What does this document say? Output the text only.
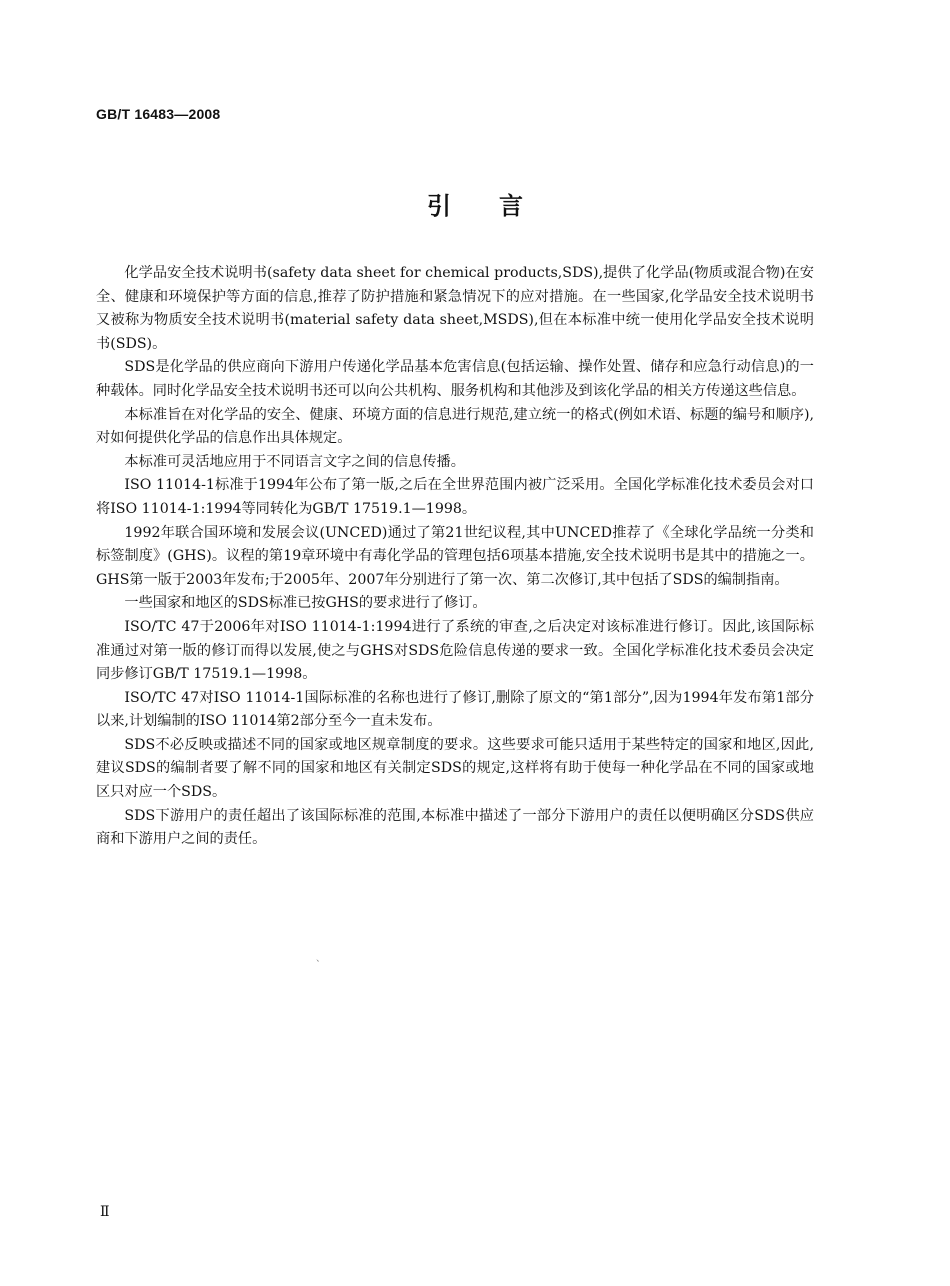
GB/T 16483—2008
引言

化学品安全技术说明书(safety data sheet for chemical products,SDS),提供了化学品(物质或混合物)在安全、健康和环境保护等方面的信息,推荐了防护措施和紧急情况下的应对措施。在一些国家,化学品安全技术说明书又被称为物质安全技术说明书(material safety data sheet,MSDS),但在本标准中统一使用化学品安全技术说明书(SDS)。

SDS是化学品的供应商向下游用户传递化学品基本危害信息(包括运输、操作处置、储存和应急行动信息)的一种载体。同时化学品安全技术说明书还可以向公共机构、服务机构和其他涉及到该化学品的相关方传递这些信息。

本标准旨在对化学品的安全、健康、环境方面的信息进行规范,建立统一的格式(例如术语、标题的编号和顺序),对如何提供化学品的信息作出具体规定。

本标准可灵活地应用于不同语言文字之间的信息传播。

ISO 11014-1标准于1994年公布了第一版,之后在全世界范围内被广泛采用。全国化学标准化技术委员会对口将ISO 11014-1:1994等同转化为GB/T 17519.1—1998。

1992年联合国环境和发展会议(UNCED)通过了第21世纪议程,其中UNCED推荐了《全球化学品统一分类和标签制度》(GHS)。议程的第19章环境中有毒化学品的管理包括6项基本措施,安全技术说明书是其中的措施之一。GHS第一版于2003年发布;于2005年、2007年分别进行了第一次、第二次修订,其中包括了SDS的编制指南。

一些国家和地区的SDS标准已按GHS的要求进行了修订。

ISO/TC 47于2006年对ISO 11014-1:1994进行了系统的审查,之后决定对该标准进行修订。因此,该国际标准通过对第一版的修订而得以发展,使之与GHS对SDS危险信息传递的要求一致。全国化学标准化技术委员会决定同步修订GB/T 17519.1—1998。

ISO/TC 47对ISO 11014-1国际标准的名称也进行了修订,删除了原文的“第1部分”,因为1994年发布第1部分以来,计划编制的ISO 11014第2部分至今一直未发布。

SDS不必反映或描述不同的国家或地区规章制度的要求。这些要求可能只适用于某些特定的国家和地区,因此,建议SDS的编制者要了解不同的国家和地区有关制定SDS的规定,这样将有助于使每一种化学品在不同的国家或地区只对应一个SDS。

SDS下游用户的责任超出了该国际标准的范围,本标准中描述了一部分下游用户的责任以便明确区分SDS供应商和下游用户之间的责任。

、
Ⅱ
